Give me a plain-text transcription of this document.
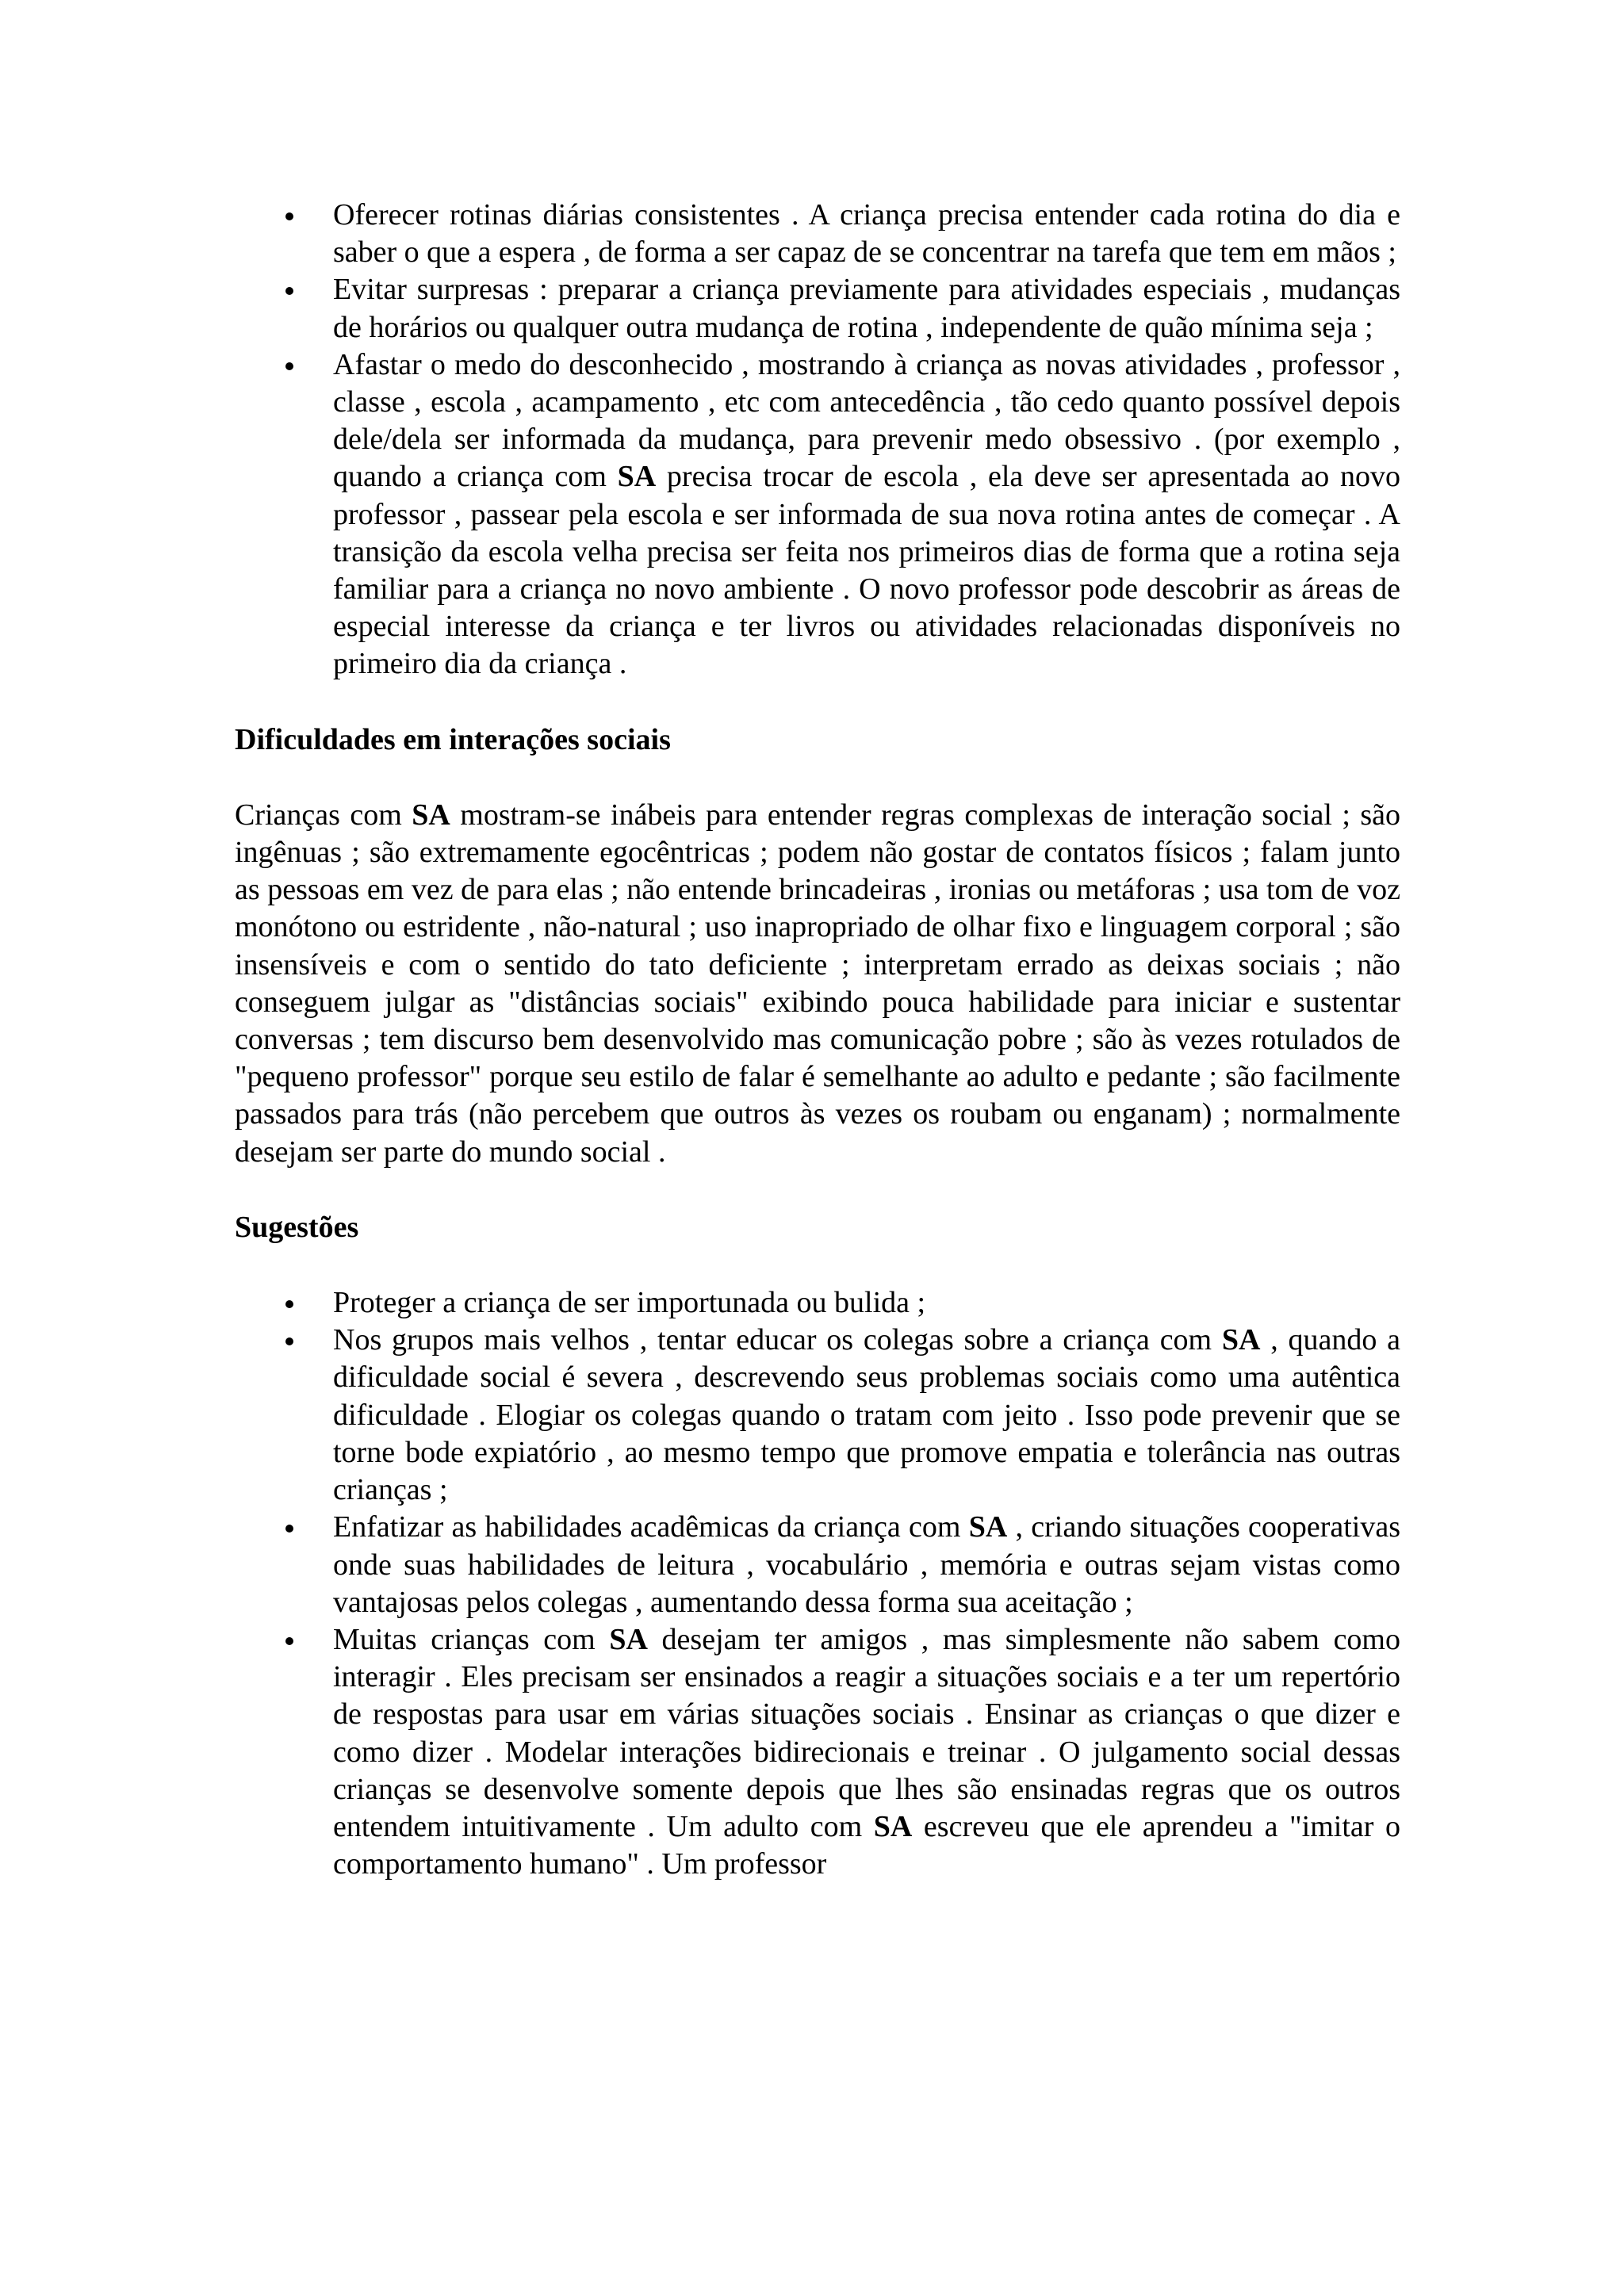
Oferecer rotinas diárias consistentes . A criança precisa entender cada rotina do dia e saber o que a espera , de forma a ser capaz de se concentrar na tarefa que tem em mãos ;
Evitar surpresas : preparar a criança previamente para atividades especiais , mudanças de horários ou qualquer outra mudança de rotina , independente de quão mínima seja ;
Afastar o medo do desconhecido , mostrando à criança as novas atividades , professor , classe , escola , acampamento , etc com antecedência , tão cedo quanto possível depois dele/dela ser informada da mudança, para prevenir medo obsessivo . (por exemplo , quando a criança com SA precisa trocar de escola , ela deve ser apresentada ao novo professor , passear pela escola e ser informada de sua nova rotina antes de começar . A transição da escola velha precisa ser feita nos primeiros dias de forma que a rotina seja familiar para a criança no novo ambiente . O novo professor pode descobrir as áreas de especial interesse da criança e ter livros ou atividades relacionadas disponíveis no primeiro dia da criança .

Dificuldades em interações sociais

Crianças com SA mostram-se inábeis para entender regras complexas de interação social ; são ingênuas ; são extremamente egocêntricas ; podem não gostar de contatos físicos ; falam junto as pessoas em vez de para elas ; não entende brincadeiras , ironias ou metáforas ; usa tom de voz monótono ou estridente , não-natural ; uso inapropriado de olhar fixo e linguagem corporal ; são insensíveis e com o sentido do tato deficiente ; interpretam errado as deixas sociais ; não conseguem julgar as "distâncias sociais" exibindo pouca habilidade para iniciar e sustentar conversas ; tem discurso bem desenvolvido mas comunicação pobre ; são às vezes rotulados de "pequeno professor" porque seu estilo de falar é semelhante ao adulto e pedante ; são facilmente passados para trás (não percebem que outros às vezes os roubam ou enganam) ; normalmente desejam ser parte do mundo social .

Sugestões

Proteger a criança de ser importunada ou bulida ;
Nos grupos mais velhos , tentar educar os colegas sobre a criança com SA , quando a dificuldade social é severa , descrevendo seus problemas sociais como uma autêntica dificuldade . Elogiar os colegas quando o tratam com jeito . Isso pode prevenir que se torne bode expiatório , ao mesmo tempo que promove empatia e tolerância nas outras crianças ;
Enfatizar as habilidades acadêmicas da criança com SA , criando situações cooperativas onde suas habilidades de leitura , vocabulário , memória e outras sejam vistas como vantajosas pelos colegas , aumentando dessa forma sua aceitação ;
Muitas crianças com SA desejam ter amigos , mas simplesmente não sabem como interagir . Eles precisam ser ensinados a reagir a situações sociais e a ter um repertório de respostas para usar em várias situações sociais . Ensinar as crianças o que dizer e como dizer . Modelar interações bidirecionais e treinar . O julgamento social dessas crianças se desenvolve somente depois que lhes são ensinadas regras que os outros entendem intuitivamente . Um adulto com SA escreveu que ele aprendeu a "imitar o comportamento humano" . Um professor
